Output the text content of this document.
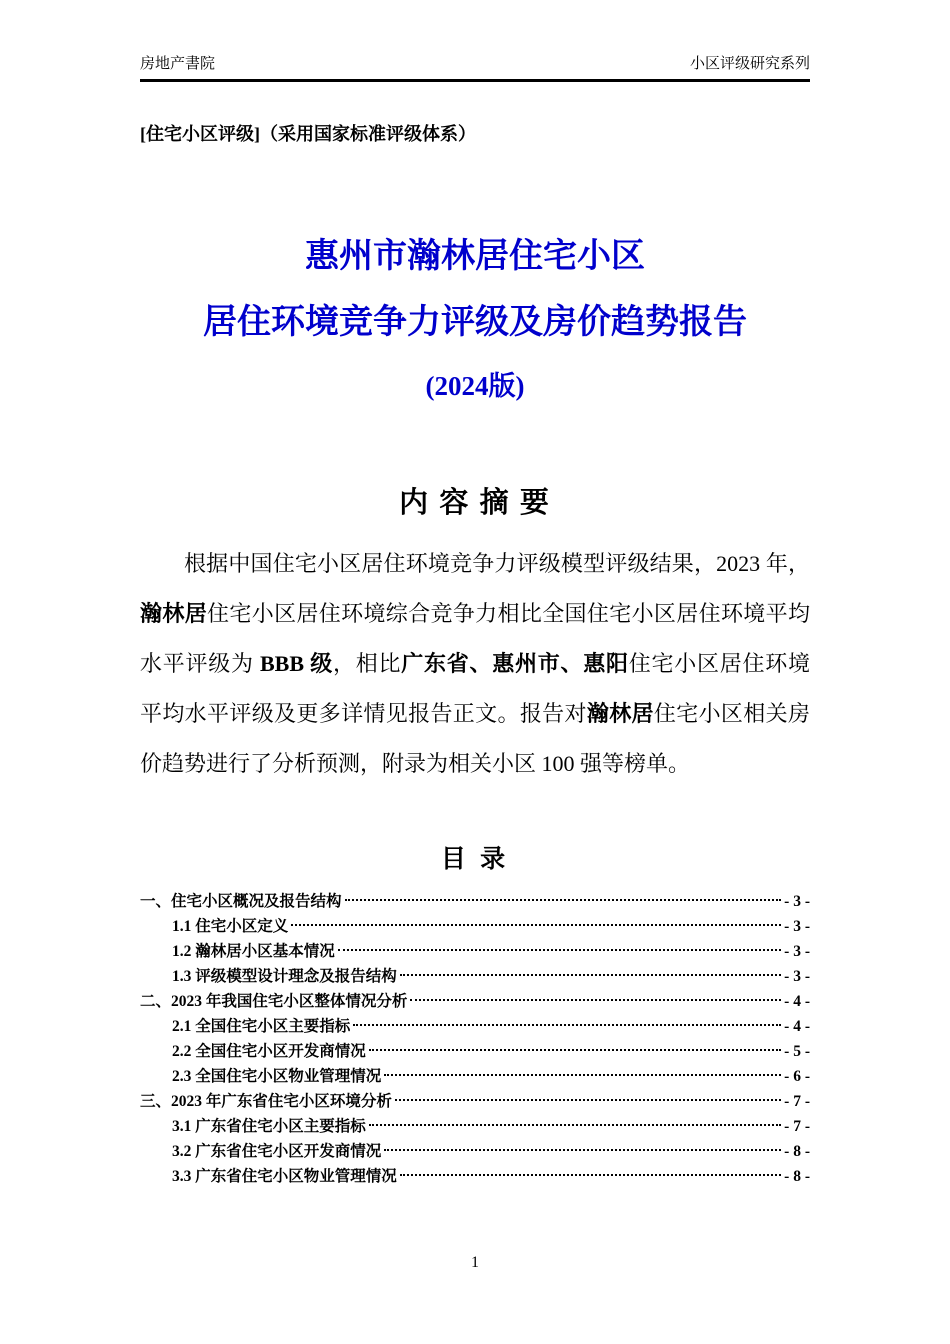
房地产書院	小区评级研究系列
[住宅小区评级]（采用国家标准评级体系）
惠州市瀚林居住宅小区
居住环境竞争力评级及房价趋势报告
(2024版)
内 容 摘 要

根据中国住宅小区居住环境竞争力评级模型评级结果，2023 年，瀚林居住宅小区居住环境综合竞争力相比全国住宅小区居住环境平均水平评级为 BBB 级，相比广东省、惠州市、惠阳住宅小区居住环境平均水平评级及更多详情见报告正文。报告对瀚林居住宅小区相关房价趋势进行了分析预测，附录为相关小区 100 强等榜单。

目 录
一、住宅小区概况及报告结构	- 3 -
1.1 住宅小区定义	- 3 -
1.2 瀚林居小区基本情况	- 3 -
1.3 评级模型设计理念及报告结构	- 3 -
二、2023 年我国住宅小区整体情况分析	- 4 -
2.1 全国住宅小区主要指标	- 4 -
2.2 全国住宅小区开发商情况	- 5 -
2.3 全国住宅小区物业管理情况	- 6 -
三、2023 年广东省住宅小区环境分析	- 7 -
3.1 广东省住宅小区主要指标	- 7 -
3.2 广东省住宅小区开发商情况	- 8 -
3.3 广东省住宅小区物业管理情况	- 8 -
1
